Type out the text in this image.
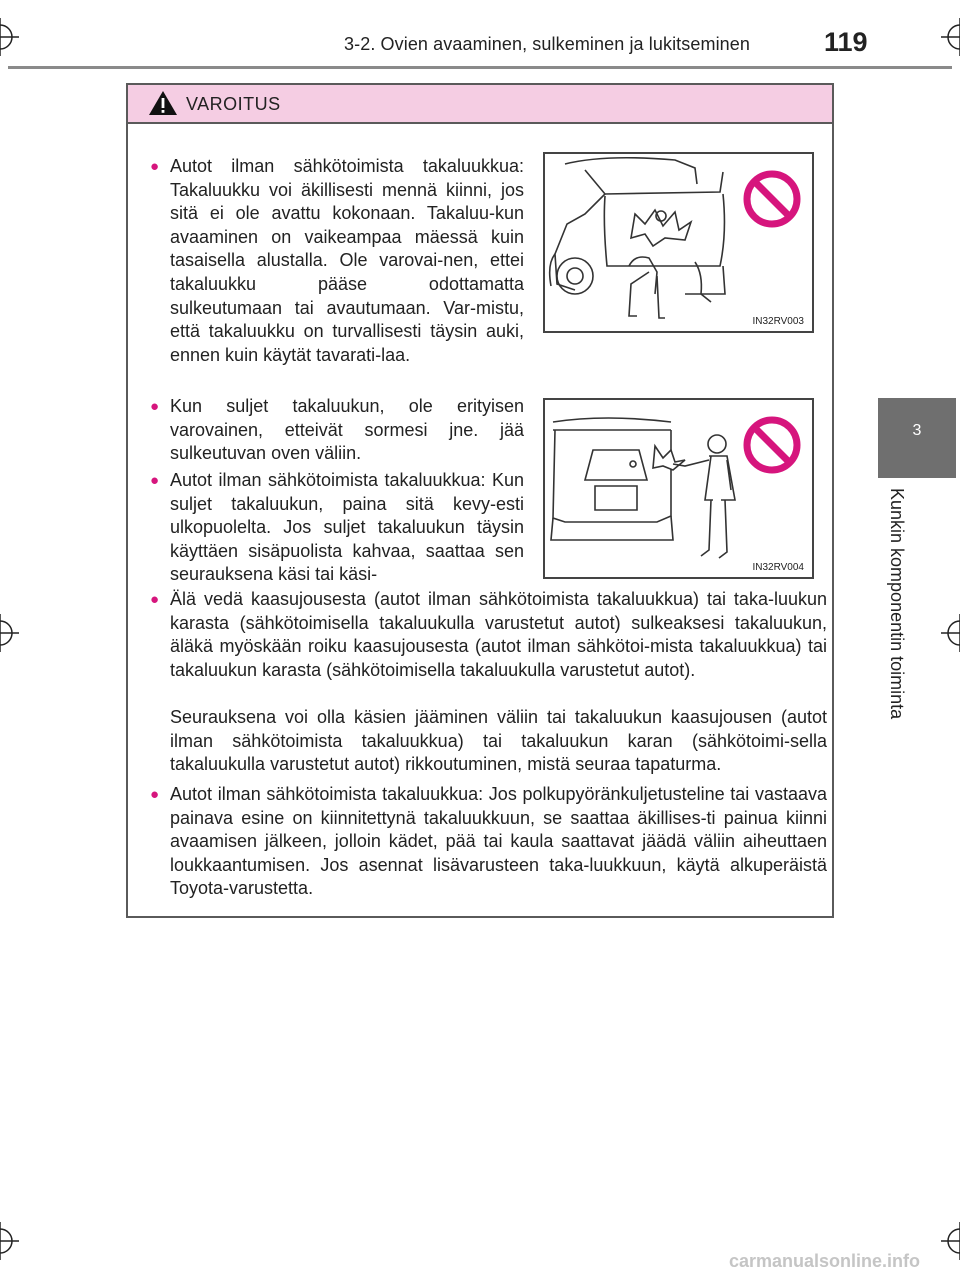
3-2. Ovien avaaminen, sulkeminen ja lukitseminen	119
3
Kunkin komponentin toiminta
VAROITUS
● Autot ilman sähkötoimista takaluukkua: Takaluukku voi äkillisesti mennä kiinni, jos sitä ei ole avattu kokonaan. Takaluu-kun avaaminen on vaikeampaa mäessä kuin tasaisella alustalla. Ole varovai-nen, ettei takaluukku pääse odottamatta sulkeutumaan tai avautumaan. Var-mistu, että takaluukku on turvallisesti täysin auki, ennen kuin käytät tavarati-laa.
IN32RV003
● Kun suljet takaluukun, ole erityisen varovainen, etteivät sormesi jne. jää sulkeutuvan oven väliin.
● Autot ilman sähkötoimista takaluukkua: Kun suljet takaluukun, paina sitä kevy-esti ulkopuolelta. Jos suljet takaluukun täysin käyttäen sisäpuolista kahvaa, saattaa sen seurauksena käsi tai käsi-	IN32RV004
● Älä vedä kaasujousesta (autot ilman sähkötoimista takaluukkua) tai taka-luukun karasta (sähkötoimisella takaluukulla varustetut autot) sulkeaksesi takaluukun, äläkä myöskään roiku kaasujousesta (autot ilman sähkötoi-mista takaluukkua) tai takaluukun karasta (sähkötoimisella takaluukulla varustetut autot).
Seurauksena voi olla käsien jääminen väliin tai takaluukun kaasujousen (autot ilman sähkötoimista takaluukkua) tai takaluukun karan (sähkötoimi-sella takaluukulla varustetut autot) rikkoutuminen, mistä seuraa tapaturma.
● Autot ilman sähkötoimista takaluukkua: Jos polkupyöränkuljetusteline tai vastaava painava esine on kiinnitettynä takaluukkuun, se saattaa äkillises-ti painua kiinni avaamisen jälkeen, jolloin kädet, pää tai kaula saattavat jäädä väliin aiheuttaen loukkaantumisen. Jos asennat lisävarusteen taka-luukkuun, käytä alkuperäistä Toyota-varustetta.
carmanualsonline.info
